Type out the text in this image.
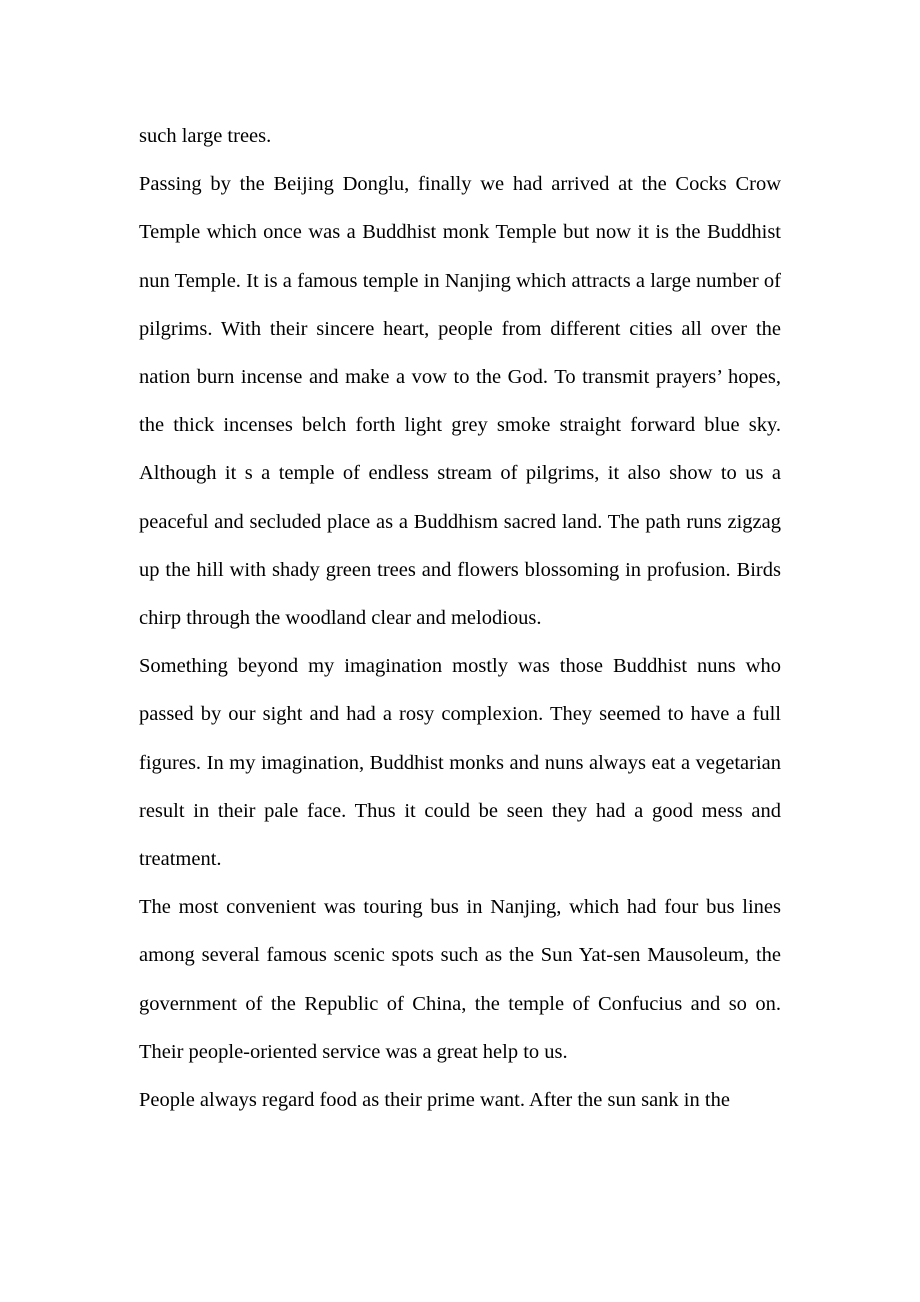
such large trees.

Passing by the Beijing Donglu, finally we had arrived at the Cocks Crow Temple which once was a Buddhist monk Temple but now it is the Buddhist nun Temple. It is a famous temple in Nanjing which attracts a large number of pilgrims. With their sincere heart, people from different cities all over the nation burn incense and make a vow to the God. To transmit prayers’ hopes, the thick incenses belch forth light grey smoke straight forward blue sky. Although it s a temple of endless stream of pilgrims, it also show to us a peaceful and secluded place as a Buddhism sacred land. The path runs zigzag up the hill with shady green trees and flowers blossoming in profusion. Birds chirp through the woodland clear and melodious.

Something beyond my imagination mostly was those Buddhist nuns who passed by our sight and had a rosy complexion. They seemed to have a full figures. In my imagination, Buddhist monks and nuns always eat a vegetarian result in their pale face. Thus it could be seen they had a good mess and treatment.

The most convenient was touring bus in Nanjing, which had four bus lines among several famous scenic spots such as the Sun Yat-sen Mausoleum, the government of the Republic of China, the temple of Confucius and so on. Their people-oriented service was a great help to us.

People always regard food as their prime want. After the sun sank in the
